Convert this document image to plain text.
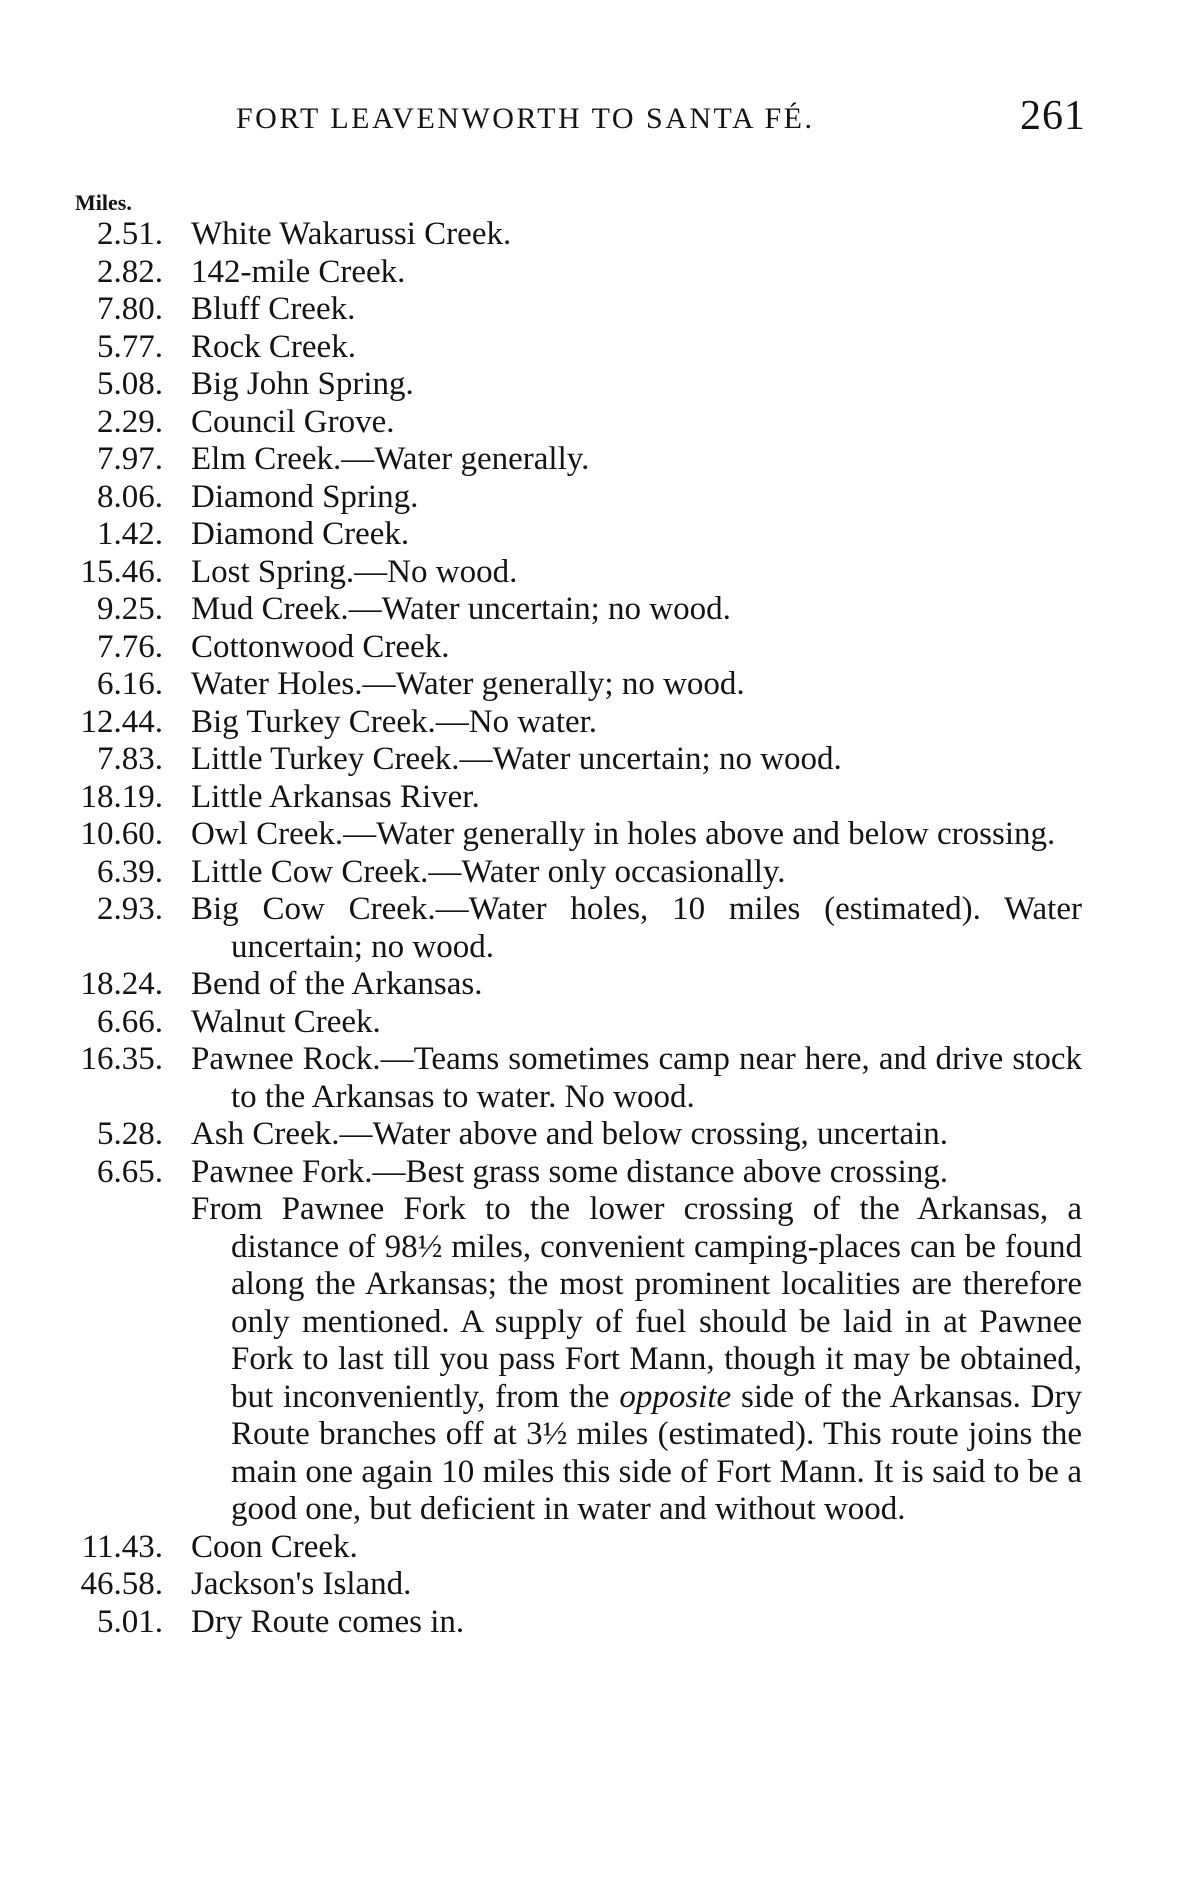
FORT LEAVENWORTH TO SANTA FÉ.	261
Miles.
2.51. White Wakarussi Creek.
2.82. 142-mile Creek.
7.80. Bluff Creek.
5.77. Rock Creek.
5.08. Big John Spring.
2.29. Council Grove.
7.97. Elm Creek.—Water generally.
8.06. Diamond Spring.
1.42. Diamond Creek.
15.46. Lost Spring.—No wood.
9.25. Mud Creek.—Water uncertain; no wood.
7.76. Cottonwood Creek.
6.16. Water Holes.—Water generally; no wood.
12.44. Big Turkey Creek.—No water.
7.83. Little Turkey Creek.—Water uncertain; no wood.
18.19. Little Arkansas River.
10.60. Owl Creek.—Water generally in holes above and below crossing.
6.39. Little Cow Creek.—Water only occasionally.
2.93. Big Cow Creek.—Water holes, 10 miles (estimated). Water uncertain; no wood.
18.24. Bend of the Arkansas.
6.66. Walnut Creek.
16.35. Pawnee Rock.—Teams sometimes camp near here, and drive stock to the Arkansas to water. No wood.
5.28. Ash Creek.—Water above and below crossing, uncertain.
6.65. Pawnee Fork.—Best grass some distance above crossing.
From Pawnee Fork to the lower crossing of the Arkansas, a distance of 98½ miles, convenient camping-places can be found along the Arkansas; the most prominent localities are therefore only mentioned. A supply of fuel should be laid in at Pawnee Fork to last till you pass Fort Mann, though it may be obtained, but inconveniently, from the opposite side of the Arkansas. Dry Route branches off at 3½ miles (estimated). This route joins the main one again 10 miles this side of Fort Mann. It is said to be a good one, but deficient in water and without wood.
11.43. Coon Creek.
46.58. Jackson's Island.
5.01. Dry Route comes in.
